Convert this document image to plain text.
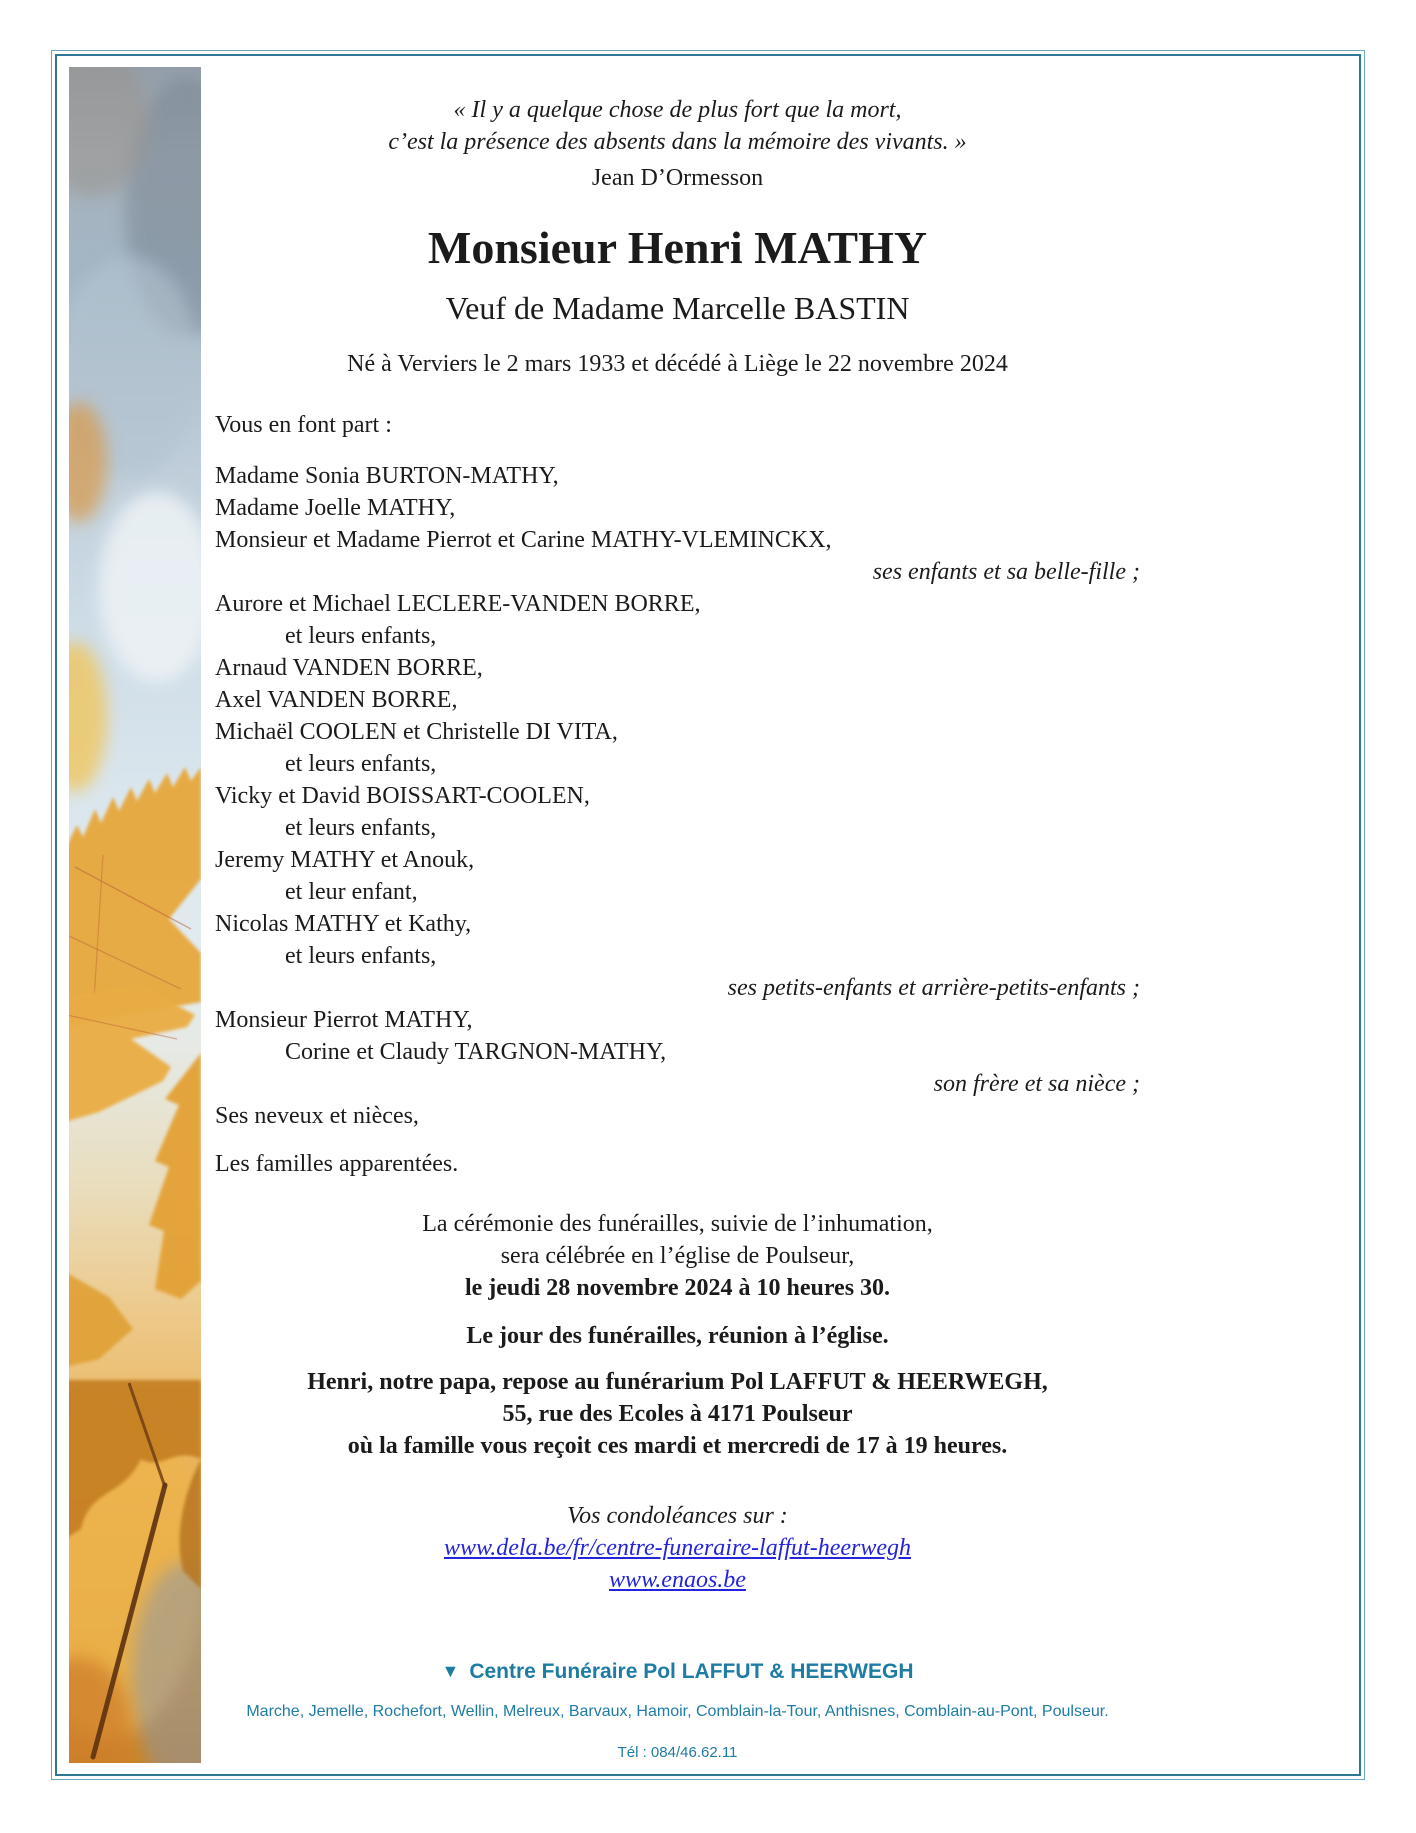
« Il y a quelque chose de plus fort que la mort,
c’est la présence des absents dans la mémoire des vivants. »
Jean D’Ormesson
Monsieur Henri MATHY
Veuf de Madame Marcelle BASTIN
Né à Verviers le 2 mars 1933 et décédé à Liège le 22 novembre 2024
Vous en font part :
Madame Sonia BURTON-MATHY,
Madame Joelle MATHY,
Monsieur et Madame Pierrot et Carine MATHY-VLEMINCKX,
ses enfants et sa belle-fille ;
Aurore et Michael LECLERE-VANDEN BORRE,
et leurs enfants,
Arnaud VANDEN BORRE,
Axel VANDEN BORRE,
Michaël COOLEN et Christelle DI VITA,
et leurs enfants,
Vicky et David BOISSART-COOLEN,
et leurs enfants,
Jeremy MATHY et Anouk,
et leur enfant,
Nicolas MATHY et Kathy,
et leurs enfants,
ses petits-enfants et arrière-petits-enfants ;
Monsieur Pierrot MATHY,
Corine et Claudy TARGNON-MATHY,
son frère et sa nièce ;
Ses neveux et nièces,
Les familles apparentées.
La cérémonie des funérailles, suivie de l’inhumation,
sera célébrée en l’église de Poulseur,
le jeudi 28 novembre 2024 à 10 heures 30.
Le jour des funérailles, réunion à l’église.
Henri, notre papa, repose au funérarium Pol LAFFUT & HEERWEGH,
55, rue des Ecoles à 4171 Poulseur
où la famille vous reçoit ces mardi et mercredi de 17 à 19 heures.
Vos condoléances sur :
www.dela.be/fr/centre-funeraire-laffut-heerwegh
www.enaos.be
▼ Centre Funéraire Pol LAFFUT & HEERWEGH
Marche, Jemelle, Rochefort, Wellin, Melreux, Barvaux, Hamoir, Comblain-la-Tour, Anthisnes, Comblain-au-Pont, Poulseur.
Tél : 084/46.62.11
